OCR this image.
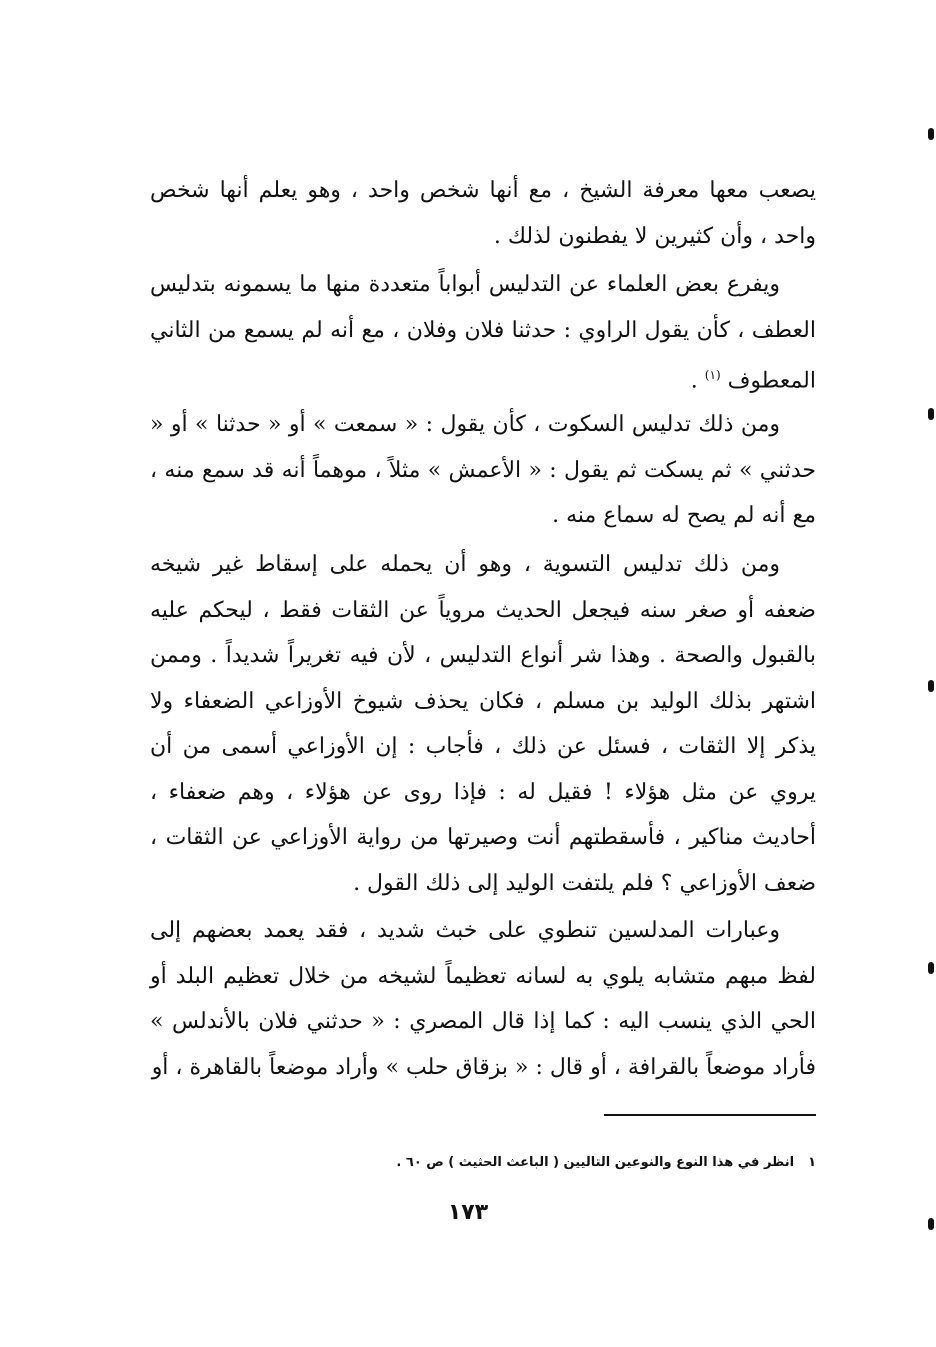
يصعب معها معرفة الشيخ ، مع أنها شخص واحد ، وهو يعلم أنها شخص واحد ، وأن كثيرين لا يفطنون لذلك .

ويفرع بعض العلماء عن التدليس أبواباً متعددة منها ما يسمونه بتدليس العطف ، كأن يقول الراوي : حدثنا فلان وفلان ، مع أنه لم يسمع من الثاني المعطوف $^{(١)}$ .

ومن ذلك تدليس السكوت ، كأن يقول : « سمعت » أو « حدثنا » أو « حدثني » ثم يسكت ثم يقول : « الأعمش » مثلاً ، موهماً أنه قد سمع منه ، مع أنه لم يصح له سماع منه .

ومن ذلك تدليس التسوية ، وهو أن يحمله على إسقاط غير شيخه ضعفه أو صغر سنه فيجعل الحديث مروياً عن الثقات فقط ، ليحكم عليه بالقبول والصحة . وهذا شر أنواع التدليس ، لأن فيه تغريراً شديداً . وممن اشتهر بذلك الوليد بن مسلم ، فكان يحذف شيوخ الأوزاعي الضعفاء ولا يذكر إلا الثقات ، فسئل عن ذلك ، فأجاب : إن الأوزاعي أسمى من أن يروي عن مثل هؤلاء ! فقيل له : فإذا روى عن هؤلاء ، وهم ضعفاء ، أحاديث مناكير ، فأسقطتهم أنت وصيرتها من رواية الأوزاعي عن الثقات ، ضعف الأوزاعي ؟ فلم يلتفت الوليد إلى ذلك القول .

وعبارات المدلسين تنطوي على خبث شديد ، فقد يعمد بعضهم إلى لفظ مبهم متشابه يلوي به لسانه تعظيماً لشيخه من خلال تعظيم البلد أو الحي الذي ينسب اليه : كما إذا قال المصري : « حدثني فلان بالأندلس » فأراد موضعاً بالقرافة ، أو قال : « بزقاق حلب » وأراد موضعاً بالقاهرة ، أو

١انظر في هذا النوع والنوعين التاليين ( الباعث الحثيث ) ص ٦٠ .
١٧٣
